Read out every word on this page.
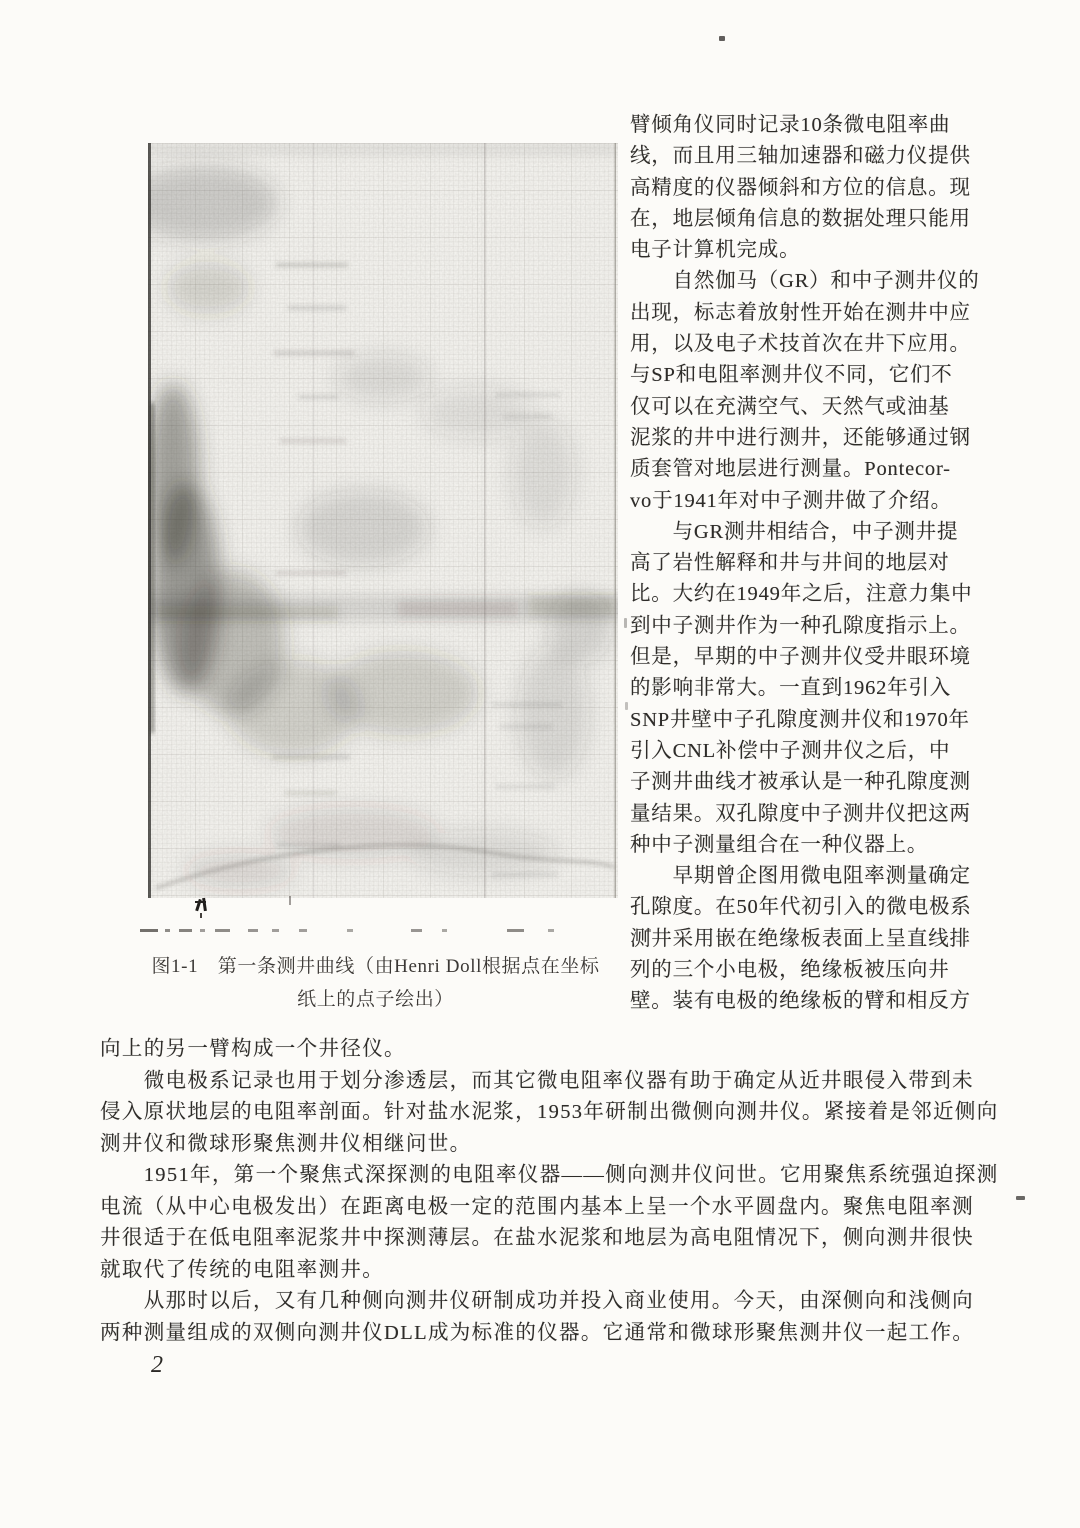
图1-1　第一条测井曲线（由Henri Doll根据点在坐标
纸上的点子绘出）
臂倾角仪同时记录10条微电阻率曲
线，而且用三轴加速器和磁力仪提供
高精度的仪器倾斜和方位的信息。现
在，地层倾角信息的数据处理只能用
电子计算机完成。
　　自然伽马（GR）和中子测井仪的
出现，标志着放射性开始在测井中应
用，以及电子术技首次在井下应用。
与SP和电阻率测井仪不同，它们不
仅可以在充满空气、天然气或油基
泥浆的井中进行测井，还能够通过钢
质套管对地层进行测量。Pontecor-
vo于1941年对中子测井做了介绍。
　　与GR测井相结合，中子测井提
高了岩性解释和井与井间的地层对
比。大约在1949年之后，注意力集中
到中子测井作为一种孔隙度指示上。
但是，早期的中子测井仪受井眼环境
的影响非常大。一直到1962年引入
SNP井壁中子孔隙度测井仪和1970年
引入CNL补偿中子测井仪之后，中
子测井曲线才被承认是一种孔隙度测
量结果。双孔隙度中子测井仪把这两
种中子测量组合在一种仪器上。
　　早期曾企图用微电阻率测量确定
孔隙度。在50年代初引入的微电极系
测井采用嵌在绝缘板表面上呈直线排
列的三个小电极，绝缘板被压向井
壁。装有电极的绝缘板的臂和相反方
向上的另一臂构成一个井径仪。
　　微电极系记录也用于划分渗透层，而其它微电阻率仪器有助于确定从近井眼侵入带到未
侵入原状地层的电阻率剖面。针对盐水泥浆，1953年研制出微侧向测井仪。紧接着是邻近侧向
测井仪和微球形聚焦测井仪相继问世。
　　1951年，第一个聚焦式深探测的电阻率仪器——侧向测井仪问世。它用聚焦系统强迫探测
电流（从中心电极发出）在距离电极一定的范围内基本上呈一个水平圆盘内。聚焦电阻率测
井很适于在低电阻率泥浆井中探测薄层。在盐水泥浆和地层为高电阻情况下，侧向测井很快
就取代了传统的电阻率测井。
　　从那时以后，又有几种侧向测井仪研制成功并投入商业使用。今天，由深侧向和浅侧向
两种测量组成的双侧向测井仪DLL成为标准的仪器。它通常和微球形聚焦测井仪一起工作。
2
